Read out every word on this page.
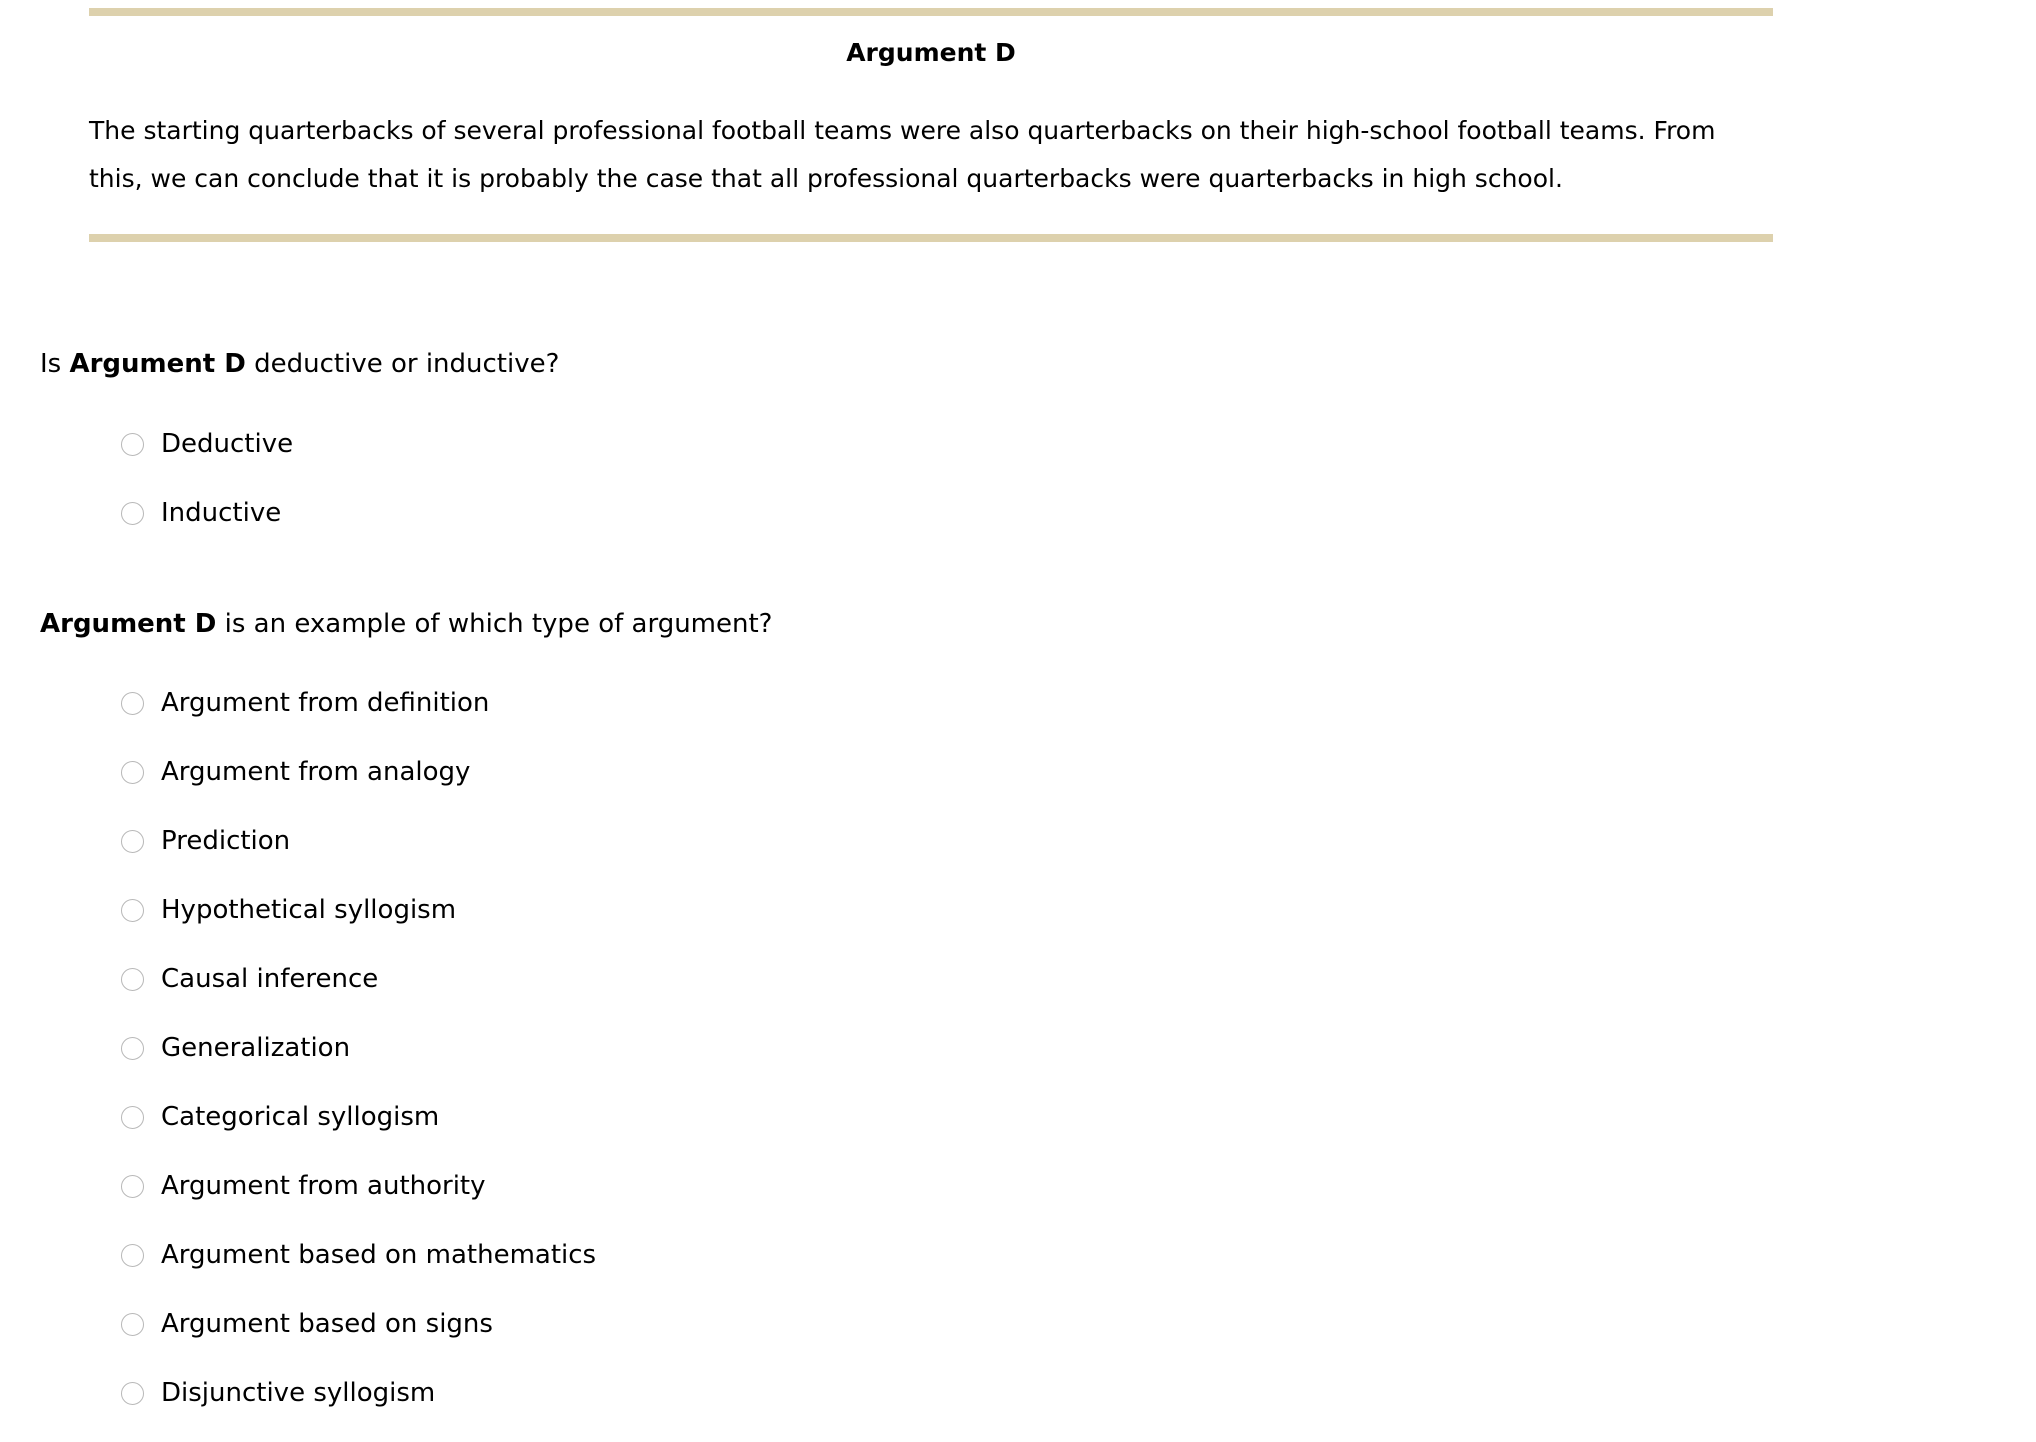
Argument D
The starting quarterbacks of several professional football teams were also quarterbacks on their high-school football teams. From this, we can conclude that it is probably the case that all professional quarterbacks were quarterbacks in high school.
Is Argument D deductive or inductive?
Deductive
Inductive
Argument D is an example of which type of argument?
Argument from definition
Argument from analogy
Prediction
Hypothetical syllogism
Causal inference
Generalization
Categorical syllogism
Argument from authority
Argument based on mathematics
Argument based on signs
Disjunctive syllogism
